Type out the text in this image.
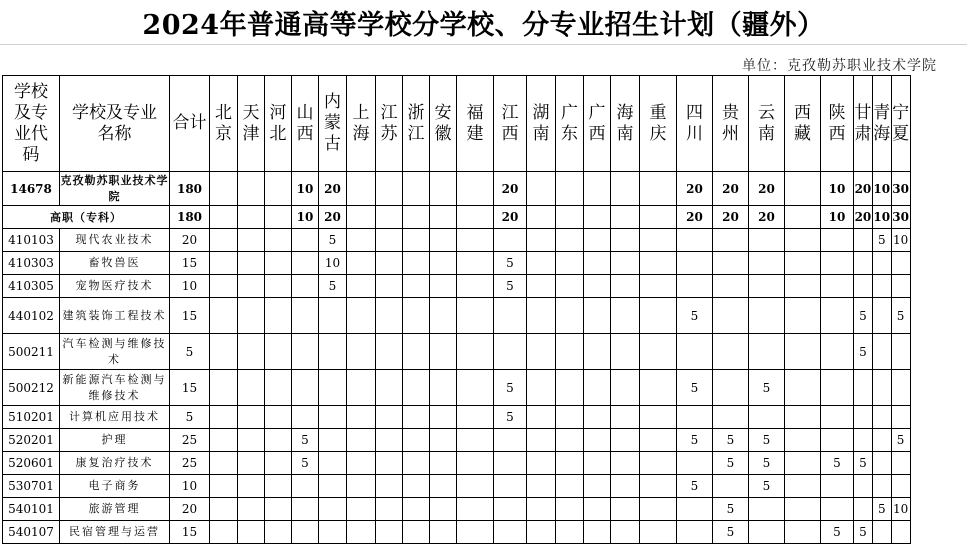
2024年普通高等学校分学校、分专业招生计划（疆外）
单位：克孜勒苏职业技术学院
学校及专业代码	学校及专业名称	合计	北京	天津	河北	山西	内蒙古	上海	江苏	浙江	安徽	福建	江西	湖南	广东	广西	海南	重庆	四川	贵州	云南	西藏	陕西	甘肃	青海	宁夏
14678	克孜勒苏职业技术学院	180				10	20						20						20	20	20		10	20	10	30
高职（专科）		180				10	20						20						20	20	20		10	20	10	30
410103	现代农业技术	20					5																		5	10
410303	畜牧兽医	15					10						5													
410305	宠物医疗技术	10					5						5													
440102	建筑装饰工程技术	15																	5					5		5
500211	汽车检测与维修技术	5																						5		
500212	新能源汽车检测与维修技术	15											5						5		5					
510201	计算机应用技术	5											5													
520201	护理	25				5													5	5	5					5
520601	康复治疗技术	25				5														5	5		5	5		
530701	电子商务	10																	5		5					
540101	旅游管理	20																		5					5	10
540107	民宿管理与运营	15																		5			5	5		
